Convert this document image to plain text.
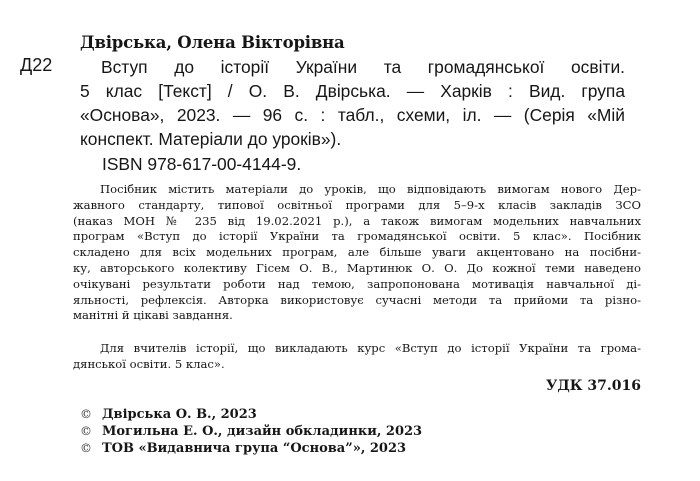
Двірська, Олена Вікторівна
Д22	Вступ до історії України та громадянської освіти.
5 клас [Текст] / О. В. Двірська. — Харків : Вид. група
«Основа», 2023. — 96 с. : табл., схеми, іл. — (Серія «Мій
конспект. Матеріали до уроків»).
ISBN 978-617-00-4144-9.
Посібник містить матеріали до уроків, що відповідають вимогам нового Дер-
жавного стандарту, типової освітньої програми для 5–9-х класів закладів ЗСО
(наказ МОН № 235 від 19.02.2021 р.), а також вимогам модельних навчальних
програм «Вступ до історії України та громадянської освіти. 5 клас». Посібник
складено для всіх модельних програм, але більше уваги акцентовано на посібни-
ку, авторського колективу Гісем О. В., Мартинюк О. О. До кожної теми наведено
очікувані результати роботи над темою, запропонована мотивація навчальної ді-
яльності, рефлексія. Авторка використовує сучасні методи та прийоми та різно-
манітні й цікаві завдання.
Для вчителів історії, що викладають курс «Вступ до історії України та грома-
дянської освіти. 5 клас».
УДК 37.016
© Двірська О. В., 2023
© Могильна Е. О., дизайн обкладинки, 2023
© ТОВ «Видавнича група “Основа”», 2023
